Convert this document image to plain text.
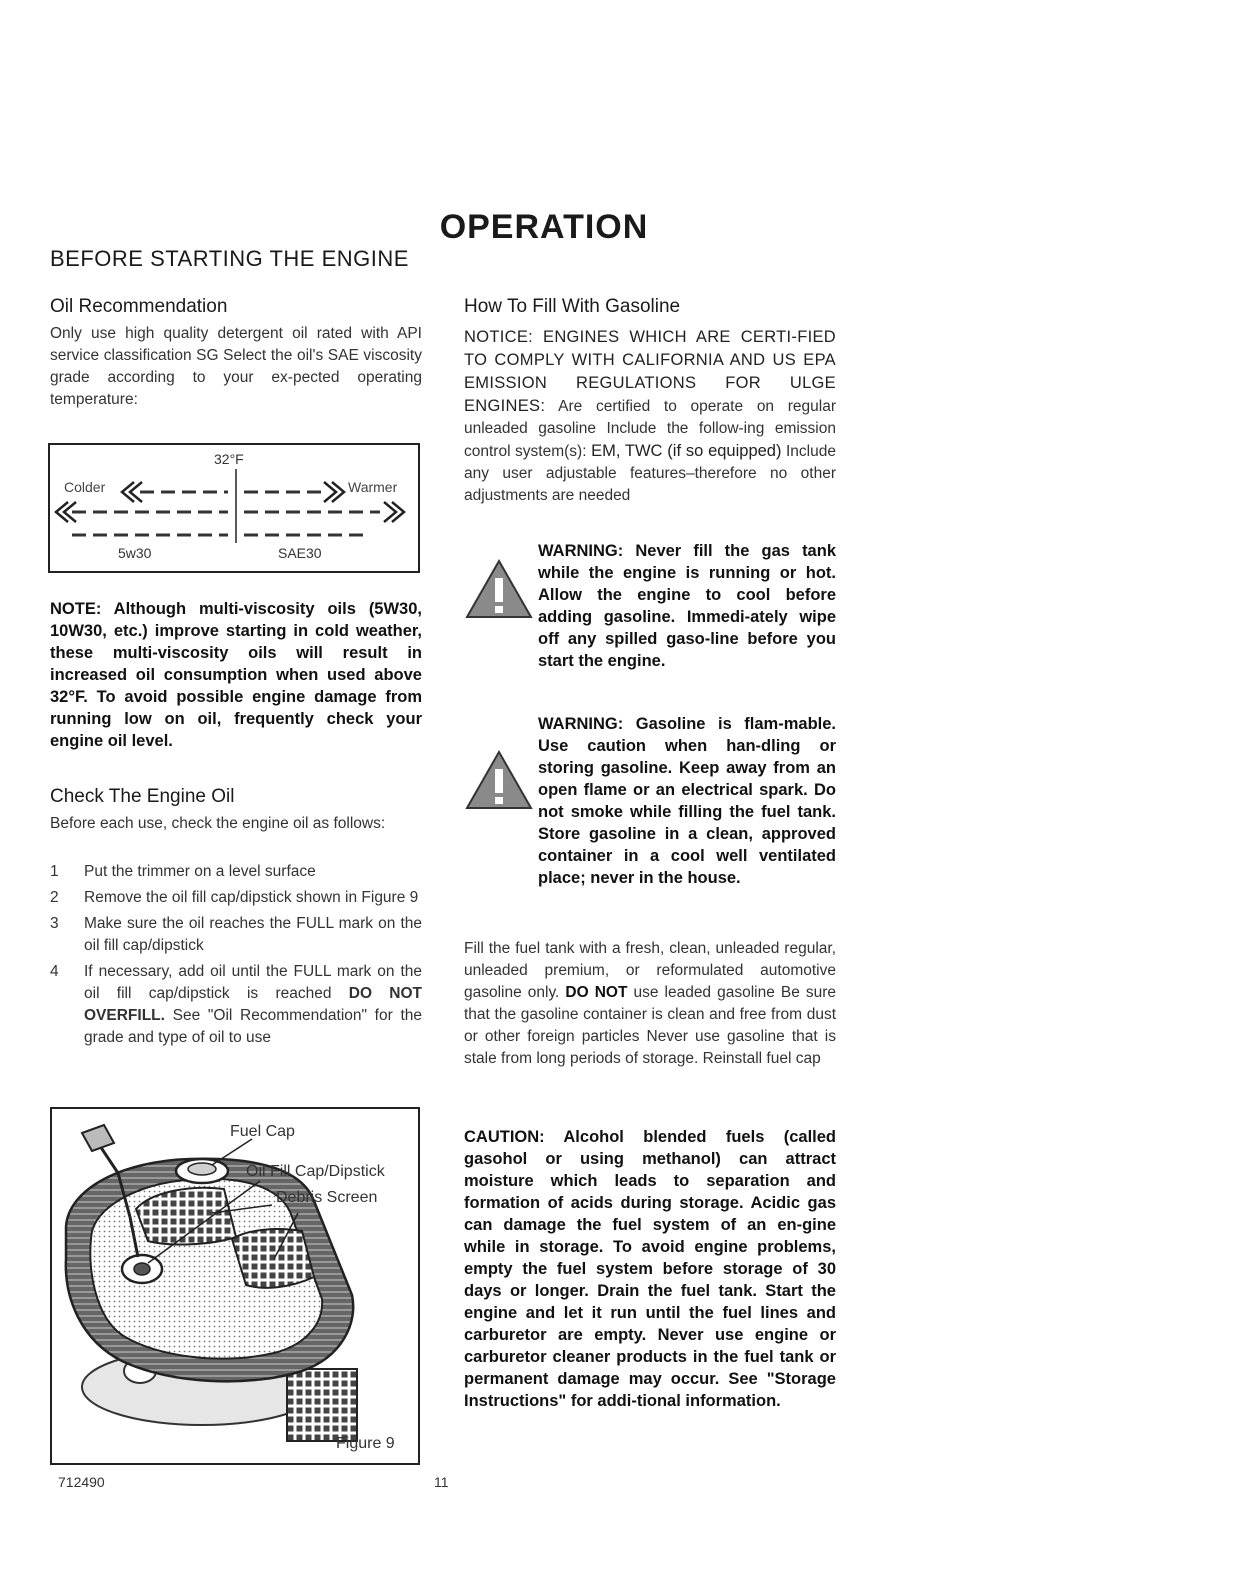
OPERATION
BEFORE STARTING THE ENGINE
Oil Recommendation
Only use high quality detergent oil rated with API service classification SG Select the oil's SAE viscosity grade according to your ex-pected operating temperature:
32°F
Colder	Warmer
5w30	SAE30
NOTE: Although multi-viscosity oils (5W30, 10W30, etc.) improve starting in cold weather, these multi-viscosity oils will result in increased oil consumption when used above 32°F. To avoid possible engine damage from running low on oil, frequently check your engine oil level.
Check The Engine Oil
Before each use, check the engine oil as follows:
1	Put the trimmer on a level surface
2	Remove the oil fill cap/dipstick shown in Figure 9
3	Make sure the oil reaches the FULL mark on the oil fill cap/dipstick
4	If necessary, add oil until the FULL mark on the oil fill cap/dipstick is reached DO NOT OVERFILL. See "Oil Recommendation" for the grade and type of oil to use
Fuel Cap
Oil Fill Cap/Dipstick
Debris Screen
Figure 9
How To Fill With Gasoline
NOTICE: ENGINES WHICH ARE CERTI-FIED TO COMPLY WITH CALIFORNIA AND US EPA EMISSION REGULATIONS FOR ULGE ENGINES: Are certified to operate on regular unleaded gasoline Include the follow-ing emission control system(s): EM, TWC (if so equipped) Include any user adjustable features–therefore no other adjustments are needed
WARNING: Never fill the gas tank while the engine is running or hot. Allow the engine to cool before adding gasoline. Immedi-ately wipe off any spilled gaso-line before you start the engine.
WARNING: Gasoline is flam-mable. Use caution when han-dling or storing gasoline. Keep away from an open flame or an electrical spark. Do not smoke while filling the fuel tank. Store gasoline in a clean, approved container in a cool well ventilated place; never in the house.
Fill the fuel tank with a fresh, clean, unleaded regular, unleaded premium, or reformulated automotive gasoline only. DO NOT use leaded gasoline Be sure that the gasoline container is clean and free from dust or other foreign particles Never use gasoline that is stale from long periods of storage. Reinstall fuel cap
CAUTION: Alcohol blended fuels (called gasohol or using methanol) can attract moisture which leads to separation and formation of acids during storage. Acidic gas can damage the fuel system of an en-gine while in storage. To avoid engine problems, empty the fuel system before storage of 30 days or longer. Drain the fuel tank. Start the engine and let it run until the fuel lines and carburetor are empty. Never use engine or carburetor cleaner products in the fuel tank or permanent damage may occur. See "Storage Instructions" for addi-tional information.
712490	11
